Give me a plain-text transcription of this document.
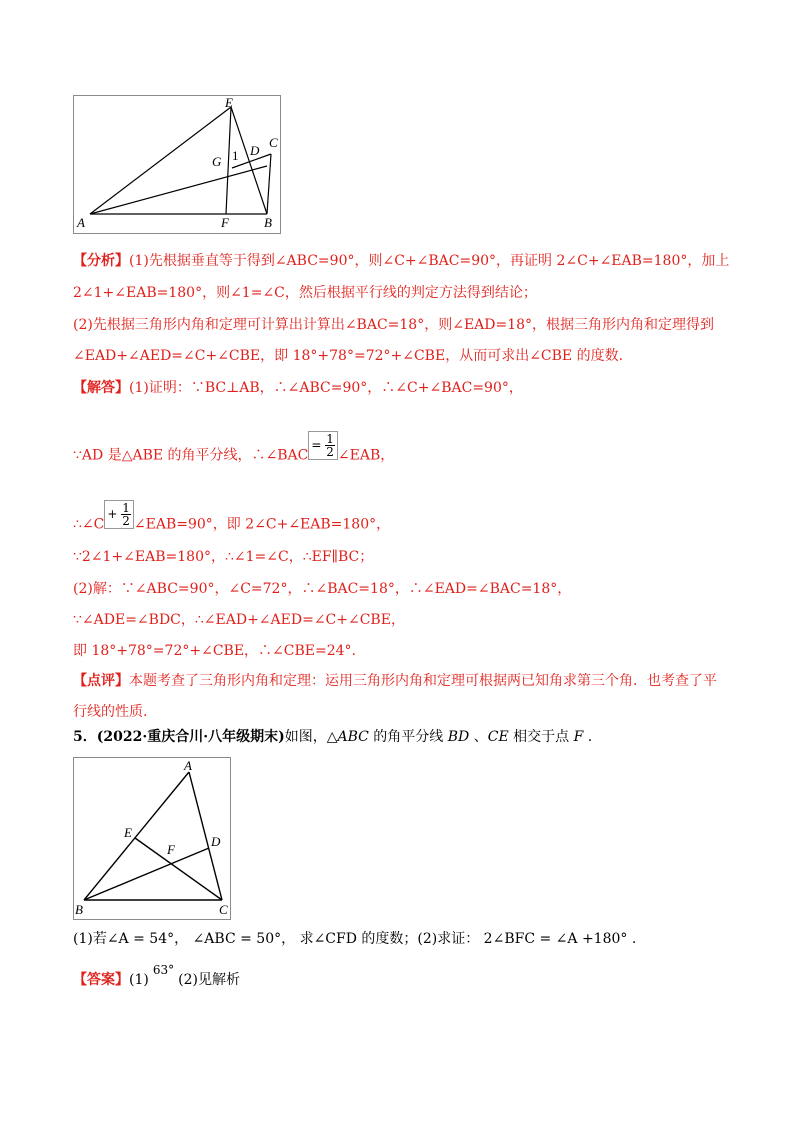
E
G 1 D
C
A	F	B
【分析】(1)先根据垂直等于得到∠ABC=90°，则∠C+∠BAC=90°，再证明 2∠C+∠EAB=180°，加上
2∠1+∠EAB=180°，则∠1=∠C，然后根据平行线的判定方法得到结论；
(2)先根据三角形内角和定理可计算出计算出∠BAC=18°，则∠EAD=18°，根据三角形内角和定理得到
∠EAD+∠AED=∠C+∠CBE，即 18°+78°=72°+∠CBE，从而可求出∠CBE 的度数.
【解答】(1)证明：∵BC⊥AB，∴∠ABC=90°，∴∠C+∠BAC=90°，
∵AD 是△ABE 的角平分线，∴∠BAC= $\frac{1}{2}$ ∠EAB，
∴∠C+ $\frac{1}{2}$ ∠EAB=90°，即 2∠C+∠EAB=180°，
∵2∠1+∠EAB=180°，∴∠1=∠C，∴EF∥BC；
(2)解：∵∠ABC=90°，∠C=72°，∴∠BAC=18°，∴∠EAD=∠BAC=18°，
∵∠ADE=∠BDC，∴∠EAD+∠AED=∠C+∠CBE，
即 18°+78°=72°+∠CBE，∴∠CBE=24°.
【点评】本题考查了三角形内角和定理：运用三角形内角和定理可根据两已知角求第三个角．也考查了平
行线的性质.
5．(2022·重庆合川·八年级期末)如图，△ABC 的角平分线 BD 、CE 相交于点 F .
A
E
D
F
B	C
(1)若∠A = 54°， ∠ABC = 50°， 求∠CFD 的度数；(2)求证： 2∠BFC = ∠A +180° .
【答案】(1)63°(2)见解析
